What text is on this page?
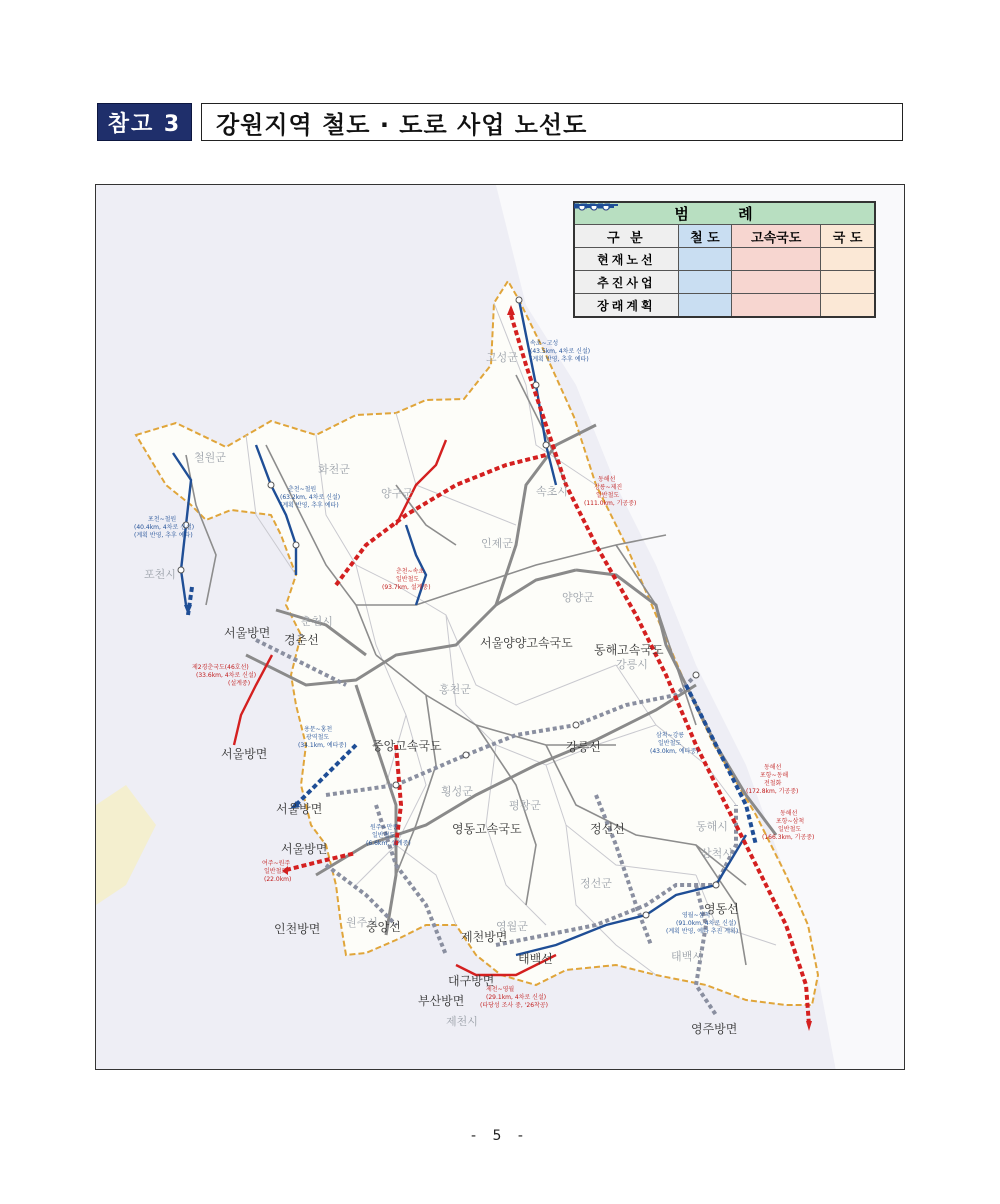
참고 3	강원지역 철도 · 도로 사업 노선도
범 례			
구 분	철 도	고속국도	국 도
현재노선	

추진사업	

장래계획	

철원군
화천군
양구군
고성군
속초시
인제군
양양군
춘천시
홍천군
강릉시
포천시
횡성군
평창군
동해시
삼척시
정선군
원주시	영월군
태백시
제천시
서울방면
서울방면
서울방면
서울방면
인천방면
대구방면
부산방면
제천방면
영주방면
경춘선	서울양양고속국도 동해고속국도
중앙고속국도	강릉선
영동고속국도	정선선
중앙선
태백선
영동선
속초~고성
(43.5km, 4차로 신설)
(계획 반영, 추후 예타)
춘천~철원
(63.2km, 4차로 신설)
(계획 반영, 추후 예타)
포천~철원
(40.4km, 4차로 신설)
(계획 반영, 추후 예타)
동해선
강릉~제진
일반철도
(111.0km, 기공중)
춘천~속초
일반철도
(93.7km, 설계중)
제2경춘국도(46호선)
(33.6km, 4차로 신설)
(설계중)
용문~홍천
광역철도
(34.1km, 예타중)
삼척~강릉
일반철도
(43.0km, 예타중)
동해선
포항~동해
전철화
(172.8km, 기공중)
동해선
포항~삼척
일반철도
(166.3km, 기공중)
원주~만종
일반철도
(6.6km, 설계중)
여주~원주
일반철도
(22.0km)
영월~삼척
(91.0km, 4차로 신설)
(계획 반영, 예타 추진 계획)
제천~영월
(29.1km, 4차로 신설)
(타당성 조사 중, '26착공)
- 5 -
